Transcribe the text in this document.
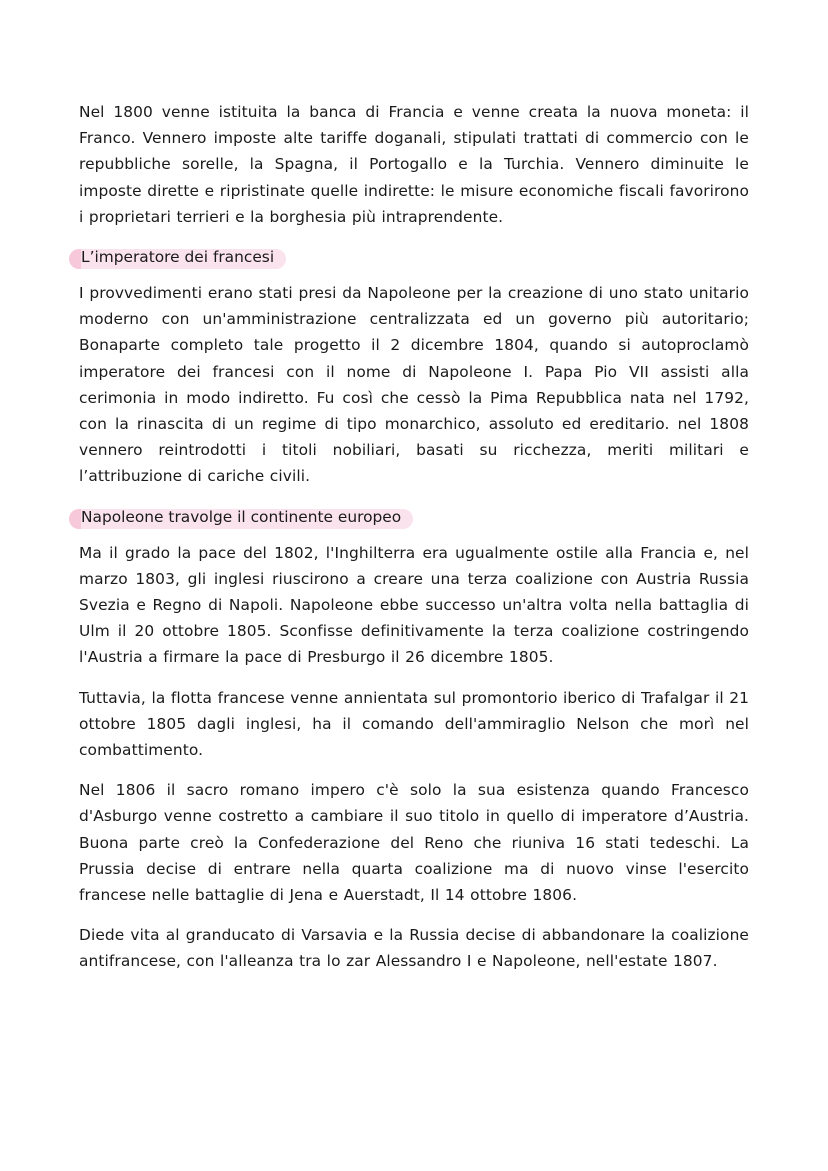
Nel 1800 venne istituita la banca di Francia e venne creata la nuova moneta: il Franco. Vennero imposte alte tariffe doganali, stipulati trattati di commercio con le repubbliche sorelle, la Spagna, il Portogallo e la Turchia. Vennero diminuite le imposte dirette e ripristinate quelle indirette: le misure economiche fiscali favorirono i proprietari terrieri e la borghesia più intraprendente.

L’imperatore dei francesi

I provvedimenti erano stati presi da Napoleone per la creazione di uno stato unitario moderno con un'amministrazione centralizzata ed un governo più autoritario; Bonaparte completo tale progetto il 2 dicembre 1804, quando si autoproclamò imperatore dei francesi con il nome di Napoleone I. Papa Pio VII assisti alla cerimonia in modo indiretto. Fu così che cessò la Pima Repubblica nata nel 1792, con la rinascita di un regime di tipo monarchico, assoluto ed ereditario. nel 1808 vennero reintrodotti i titoli nobiliari, basati su ricchezza, meriti militari e l’attribuzione di cariche civili.

Napoleone travolge il continente europeo

Ma il grado la pace del 1802, l'Inghilterra era ugualmente ostile alla Francia e, nel marzo 1803, gli inglesi riuscirono a creare una terza coalizione con Austria Russia Svezia e Regno di Napoli. Napoleone ebbe successo un'altra volta nella battaglia di Ulm il 20 ottobre 1805. Sconfisse definitivamente la terza coalizione costringendo l'Austria a firmare la pace di Presburgo il 26 dicembre 1805.

Tuttavia, la flotta francese venne annientata sul promontorio iberico di Trafalgar il 21 ottobre 1805 dagli inglesi, ha il comando dell'ammiraglio Nelson che morì nel combattimento.

Nel 1806 il sacro romano impero c'è solo la sua esistenza quando Francesco d'Asburgo venne costretto a cambiare il suo titolo in quello di imperatore d’Austria. Buona parte creò la Confederazione del Reno che riuniva 16 stati tedeschi. La Prussia decise di entrare nella quarta coalizione ma di nuovo vinse l'esercito francese nelle battaglie di Jena e Auerstadt, Il 14 ottobre 1806.

Diede vita al granducato di Varsavia e la Russia decise di abbandonare la coalizione antifrancese, con l'alleanza tra lo zar Alessandro I e Napoleone, nell'estate 1807.
